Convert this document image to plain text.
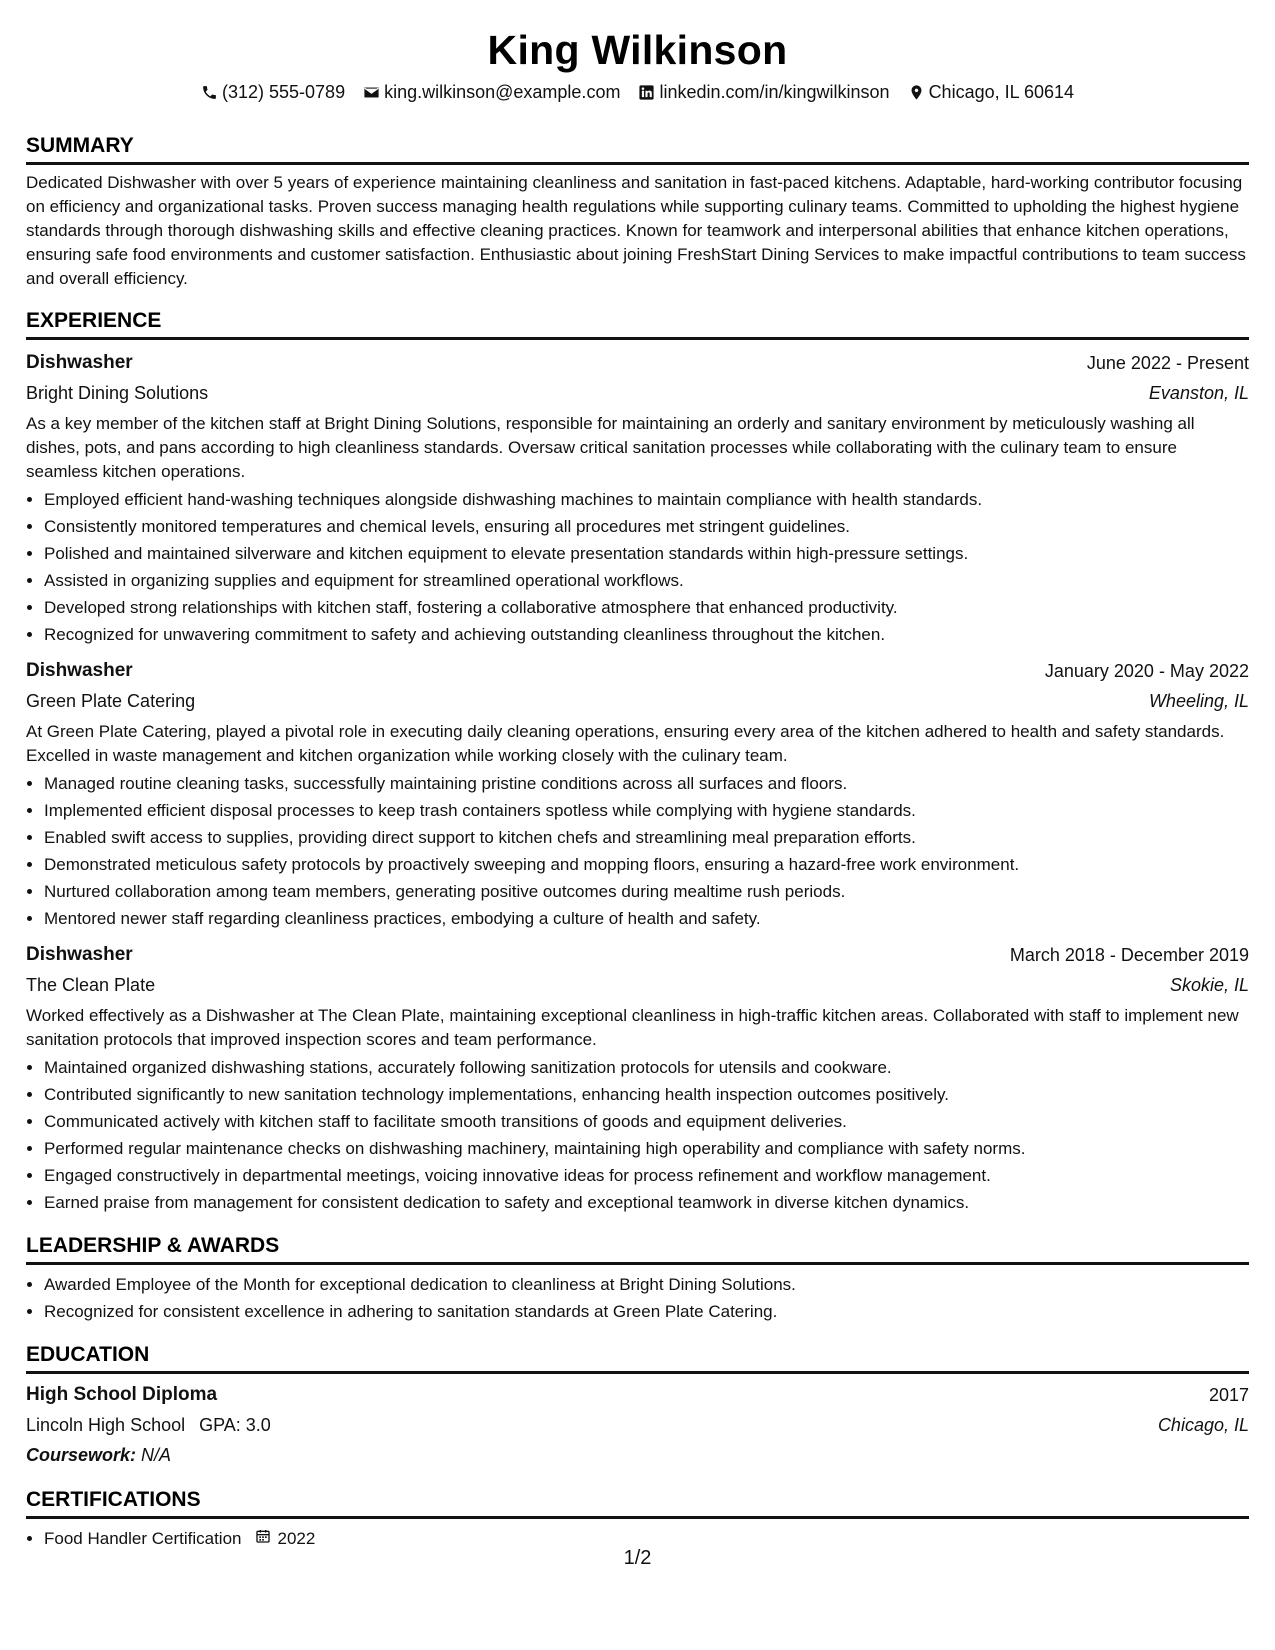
King Wilkinson
(312) 555-0789 king.wilkinson@example.com linkedin.com/in/kingwilkinson Chicago, IL 60614
SUMMARY
Dedicated Dishwasher with over 5 years of experience maintaining cleanliness and sanitation in fast-paced kitchens. Adaptable, hard-working contributor focusing on efficiency and organizational tasks. Proven success managing health regulations while supporting culinary teams. Committed to upholding the highest hygiene standards through thorough dishwashing skills and effective cleaning practices. Known for teamwork and interpersonal abilities that enhance kitchen operations, ensuring safe food environments and customer satisfaction. Enthusiastic about joining FreshStart Dining Services to make impactful contributions to team success and overall efficiency.
EXPERIENCE
Dishwasher	June 2022 - Present
Bright Dining Solutions	Evanston, IL
As a key member of the kitchen staff at Bright Dining Solutions, responsible for maintaining an orderly and sanitary environment by meticulously washing all dishes, pots, and pans according to high cleanliness standards. Oversaw critical sanitation processes while collaborating with the culinary team to ensure seamless kitchen operations.
• Employed efficient hand-washing techniques alongside dishwashing machines to maintain compliance with health standards.
• Consistently monitored temperatures and chemical levels, ensuring all procedures met stringent guidelines.
• Polished and maintained silverware and kitchen equipment to elevate presentation standards within high-pressure settings.
• Assisted in organizing supplies and equipment for streamlined operational workflows.
• Developed strong relationships with kitchen staff, fostering a collaborative atmosphere that enhanced productivity.
• Recognized for unwavering commitment to safety and achieving outstanding cleanliness throughout the kitchen.
Dishwasher	January 2020 - May 2022
Green Plate Catering	Wheeling, IL
At Green Plate Catering, played a pivotal role in executing daily cleaning operations, ensuring every area of the kitchen adhered to health and safety standards. Excelled in waste management and kitchen organization while working closely with the culinary team.
• Managed routine cleaning tasks, successfully maintaining pristine conditions across all surfaces and floors.
• Implemented efficient disposal processes to keep trash containers spotless while complying with hygiene standards.
• Enabled swift access to supplies, providing direct support to kitchen chefs and streamlining meal preparation efforts.
• Demonstrated meticulous safety protocols by proactively sweeping and mopping floors, ensuring a hazard-free work environment.
• Nurtured collaboration among team members, generating positive outcomes during mealtime rush periods.
• Mentored newer staff regarding cleanliness practices, embodying a culture of health and safety.
Dishwasher	March 2018 - December 2019
The Clean Plate	Skokie, IL
Worked effectively as a Dishwasher at The Clean Plate, maintaining exceptional cleanliness in high-traffic kitchen areas. Collaborated with staff to implement new sanitation protocols that improved inspection scores and team performance.
• Maintained organized dishwashing stations, accurately following sanitization protocols for utensils and cookware.
• Contributed significantly to new sanitation technology implementations, enhancing health inspection outcomes positively.
• Communicated actively with kitchen staff to facilitate smooth transitions of goods and equipment deliveries.
• Performed regular maintenance checks on dishwashing machinery, maintaining high operability and compliance with safety norms.
• Engaged constructively in departmental meetings, voicing innovative ideas for process refinement and workflow management.
• Earned praise from management for consistent dedication to safety and exceptional teamwork in diverse kitchen dynamics.
LEADERSHIP & AWARDS
• Awarded Employee of the Month for exceptional dedication to cleanliness at Bright Dining Solutions.
• Recognized for consistent excellence in adhering to sanitation standards at Green Plate Catering.
EDUCATION
High School Diploma	2017
Lincoln High School GPA: 3.0	Chicago, IL
Coursework: N/A
CERTIFICATIONS
• Food Handler Certification 2022
1/2
